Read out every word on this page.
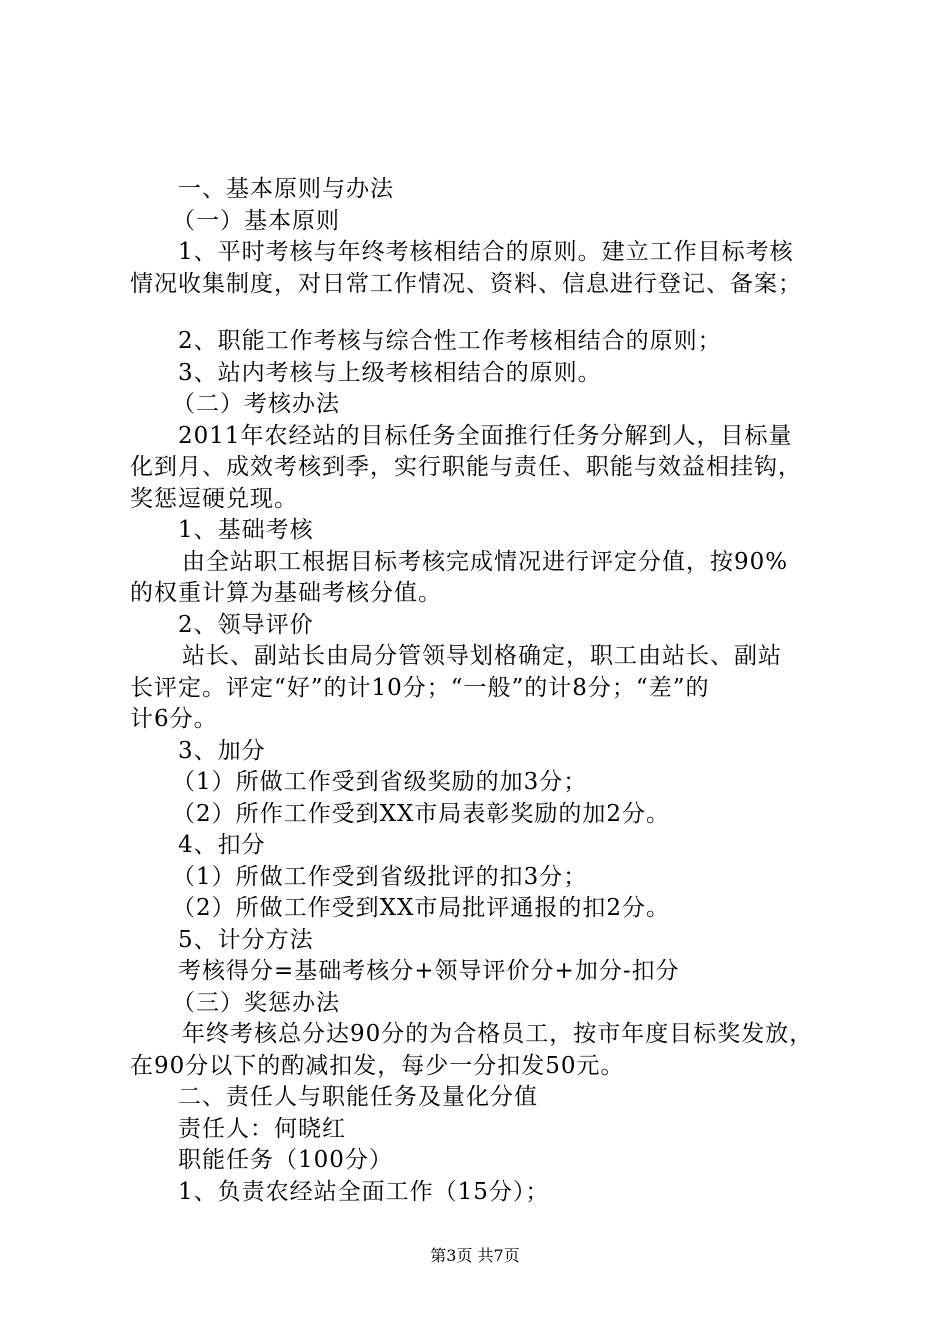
一、基本原则与办法

（一）基本原则

1、平时考核与年终考核相结合的原则。建立工作目标考核

情况收集制度，对日常工作情况、资料、信息进行登记、备案；

2、职能工作考核与综合性工作考核相结合的原则；

3、站内考核与上级考核相结合的原则。

（二）考核办法

2011年农经站的目标任务全面推行任务分解到人，目标量

化到月、成效考核到季，实行职能与责任、职能与效益相挂钩，

奖惩逗硬兑现。

1、基础考核

由全站职工根据目标考核完成情况进行评定分值，按90%

的权重计算为基础考核分值。

2、领导评价

站长、副站长由局分管领导划格确定，职工由站长、副站

长评定。评定“好”的计10分；“一般”的计8分；“差”的

计6分。

3、加分

（1）所做工作受到省级奖励的加3分；

（2）所作工作受到XX市局表彰奖励的加2分。

4、扣分

（1）所做工作受到省级批评的扣3分；

（2）所做工作受到XX市局批评通报的扣2分。

5、计分方法

考核得分=基础考核分+领导评价分+加分-扣分

（三）奖惩办法

年终考核总分达90分的为合格员工，按市年度目标奖发放，

在90分以下的酌减扣发，每少一分扣发50元。

二、责任人与职能任务及量化分值

责任人：何晓红

职能任务（100分）

1、负责农经站全面工作（15分）；

第3页 共7页
